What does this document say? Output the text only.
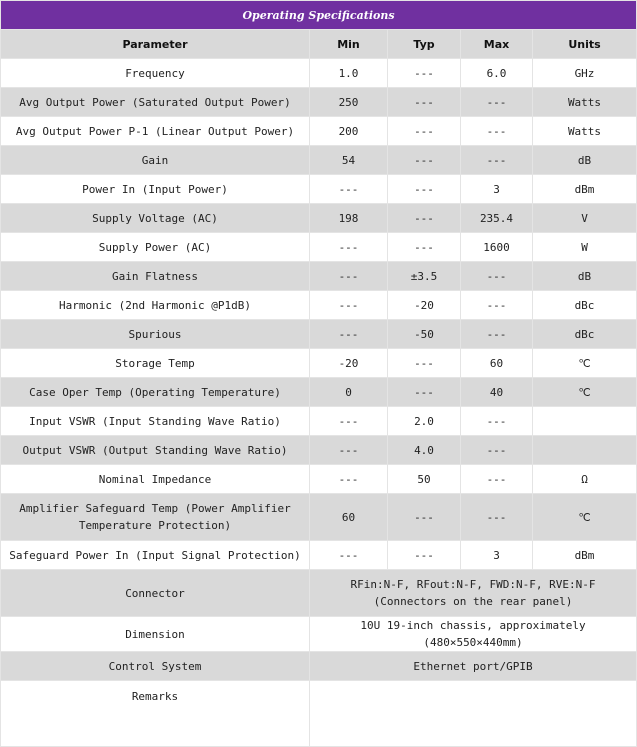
Operating Specifications				
Parameter	Min	Typ	Max	Units
Frequency	1.0	---	6.0	GHz
Avg Output Power (Saturated Output Power)	250	---	---	Watts
Avg Output Power P-1 (Linear Output Power)	200	---	---	Watts
Gain	54	---	---	dB
Power In (Input Power)	---	---	3	dBm
Supply Voltage (AC)	198	---	235.4	V
Supply Power (AC)	---	---	1600	W
Gain Flatness	---	±3.5	---	dB
Harmonic (2nd Harmonic @P1dB)	---	-20	---	dBc
Spurious	---	-50	---	dBc
Storage Temp	-20	---	60	℃
Case Oper Temp (Operating Temperature)	0	---	40	℃
Input VSWR (Input Standing Wave Ratio)	---	2.0	---	
Output VSWR (Output Standing Wave Ratio)	---	4.0	---	
Nominal Impedance	---	50	---	Ω
Amplifier Safeguard Temp (Power Amplifier Temperature Protection)	60	---	---	℃
Safeguard Power In (Input Signal Protection)	---	---	3	dBm
Connector	RFin:N-F, RFout:N-F, FWD:N-F, RVE:N-F (Connectors on the rear panel)			
Dimension	10U 19-inch chassis, approximately (480×550×440mm)			
Control System	Ethernet port/GPIB			
Remarks				
